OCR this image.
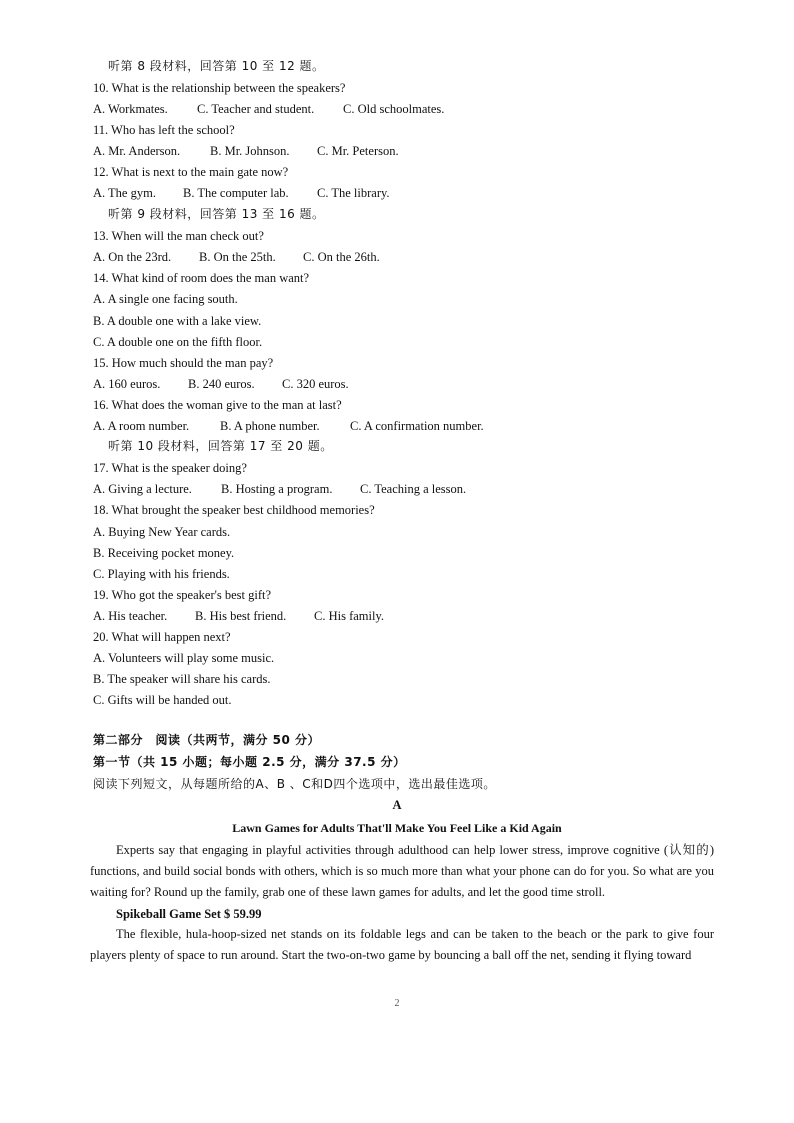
听第 8 段材料，回答第 10 至 12 题。
10. What is the relationship between the speakers?
A. Workmates. C. Teacher and student. C. Old schoolmates.
11. Who has left the school?
A. Mr. Anderson. B. Mr. Johnson. C. Mr. Peterson.
12. What is next to the main gate now?
A. The gym. B. The computer lab. C. The library.
听第 9 段材料，回答第 13 至 16 题。
13. When will the man check out?
A. On the 23rd. B. On the 25th. C. On the 26th.
14. What kind of room does the man want?
A. A single one facing south.
B. A double one with a lake view.
C. A double one on the fifth floor.
15. How much should the man pay?
A. 160 euros. B. 240 euros. C. 320 euros.
16. What does the woman give to the man at last?
A. A room number. B. A phone number. C. A confirmation number.
听第 10 段材料，回答第 17 至 20 题。
17. What is the speaker doing?
A. Giving a lecture. B. Hosting a program. C. Teaching a lesson.
18. What brought the speaker best childhood memories?
A. Buying New Year cards.
B. Receiving pocket money.
C. Playing with his friends.
19. Who got the speaker's best gift?
A. His teacher. B. His best friend. C. His family.
20. What will happen next?
A. Volunteers will play some music.
B. The speaker will share his cards.
C. Gifts will be handed out.
第二部分　阅读（共两节，满分 50 分）
第一节（共 15 小题；每小题 2.5 分，满分 37.5 分）
阅读下列短文，从每题所给的A、B 、C和D四个选项中，选出最佳选项。
A
Lawn Games for Adults That'll Make You Feel Like a Kid Again
Experts say that engaging in playful activities through adulthood can help lower stress, improve cognitive (认知的) functions, and build social bonds with others, which is so much more than what your phone can do for you. So what are you waiting for? Round up the family, grab one of these lawn games for adults, and let the good time stroll.
Spikeball Game Set $ 59.99
The flexible, hula-hoop-sized net stands on its foldable legs and can be taken to the beach or the park to give four players plenty of space to run around. Start the two-on-two game by bouncing a ball off the net, sending it flying toward
2
